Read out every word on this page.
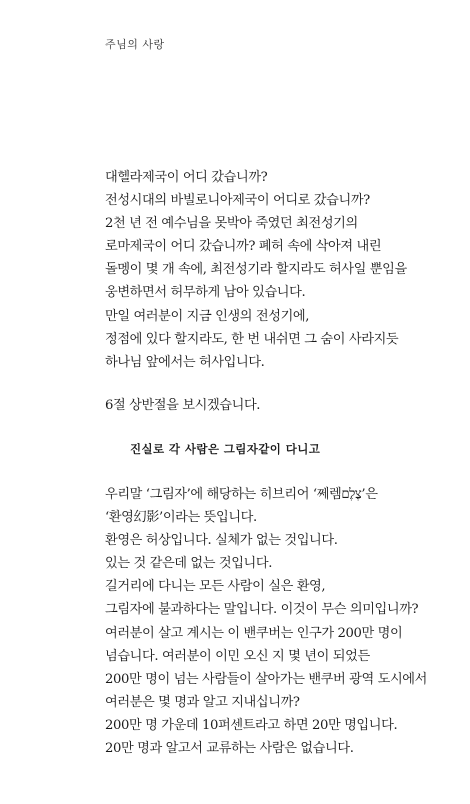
주님의 사랑
대헬라제국이 어디 갔습니까?
전성시대의 바빌로니아제국이 어디로 갔습니까?
2천 년 전 예수님을 못박아 죽였던 최전성기의
로마제국이 어디 갔습니까? 폐허 속에 삭아져 내린
돌멩이 몇 개 속에, 최전성기라 할지라도 허사일 뿐임을
웅변하면서 허무하게 남아 있습니다.
만일 여러분이 지금 인생의 전성기에,
정점에 있다 할지라도, 한 번 내쉬면 그 숨이 사라지듯
하나님 앞에서는 허사입니다.
6절 상반절을 보시겠습니다.
진실로 각 사람은 그림자같이 다니고
우리말 ‘그림자’에 해당하는 히브리어 ‘쩨렘צֶלֶם’은
‘환영幻影’이라는 뜻입니다.
환영은 허상입니다. 실체가 없는 것입니다.
있는 것 같은데 없는 것입니다.
길거리에 다니는 모든 사람이 실은 환영,
그림자에 불과하다는 말입니다. 이것이 무슨 의미입니까?
여러분이 살고 계시는 이 밴쿠버는 인구가 200만 명이
넘습니다. 여러분이 이민 오신 지 몇 년이 되었든
200만 명이 넘는 사람들이 살아가는 밴쿠버 광역 도시에서
여러분은 몇 명과 알고 지내십니까?
200만 명 가운데 10퍼센트라고 하면 20만 명입니다.
20만 명과 알고서 교류하는 사람은 없습니다.
